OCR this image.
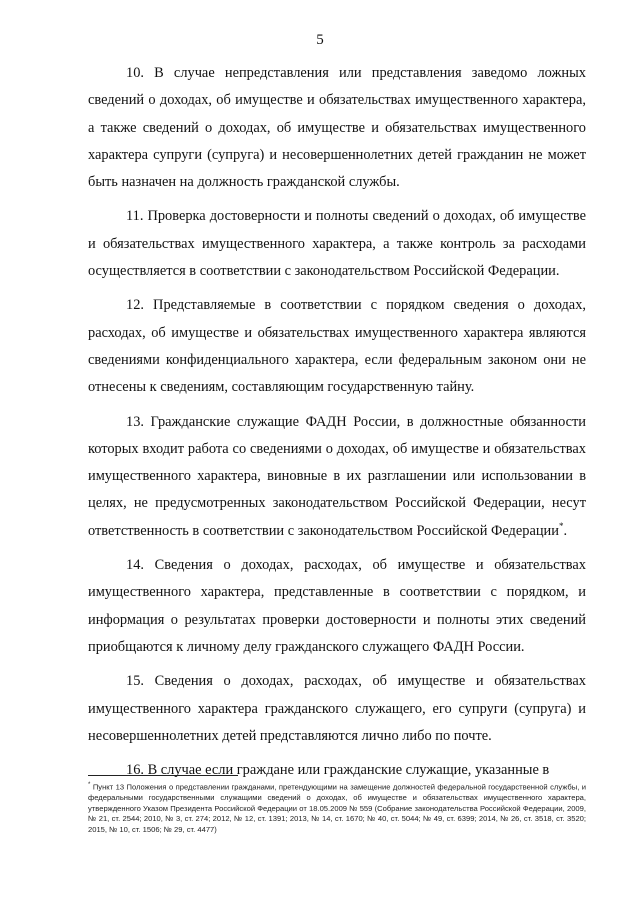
5

10. В случае непредставления или представления заведомо ложных сведений о доходах, об имуществе и обязательствах имущественного характера, а также сведений о доходах, об имуществе и обязательствах имущественного характера супруги (супруга) и несовершеннолетних детей гражданин не может быть назначен на должность гражданской службы.

11. Проверка достоверности и полноты сведений о доходах, об имуществе и обязательствах имущественного характера, а также контроль за расходами осуществляется в соответствии с законодательством Российской Федерации.

12. Представляемые в соответствии с порядком сведения о доходах, расходах, об имуществе и обязательствах имущественного характера являются сведениями конфиденциального характера, если федеральным законом они не отнесены к сведениям, составляющим государственную тайну.

13. Гражданские служащие ФАДН России, в должностные обязанности которых входит работа со сведениями о доходах, об имуществе и обязательствах имущественного характера, виновные в их разглашении или использовании в целях, не предусмотренных законодательством Российской Федерации, несут ответственность в соответствии с законодательством Российской Федерации*.

14. Сведения о доходах, расходах, об имуществе и обязательствах имущественного характера, представленные в соответствии с порядком, и информация о результатах проверки достоверности и полноты этих сведений приобщаются к личному делу гражданского служащего ФАДН России.

15. Сведения о доходах, расходах, об имуществе и обязательствах имущественного характера гражданского служащего, его супруги (супруга) и несовершеннолетних детей представляются лично либо по почте.

16. В случае если граждане или гражданские служащие, указанные в

* Пункт 13 Положения о представлении гражданами, претендующими на замещение должностей федеральной государственной службы, и федеральными государственными служащими сведений о доходах, об имуществе и обязательствах имущественного характера, утвержденного Указом Президента Российской Федерации от 18.05.2009 № 559 (Собрание законодательства Российской Федерации, 2009, № 21, ст. 2544; 2010, № 3, ст. 274; 2012, № 12, ст. 1391; 2013, № 14, ст. 1670; № 40, ст. 5044; № 49, ст. 6399; 2014, № 26, ст. 3518, ст. 3520; 2015, № 10, ст. 1506; № 29, ст. 4477)
